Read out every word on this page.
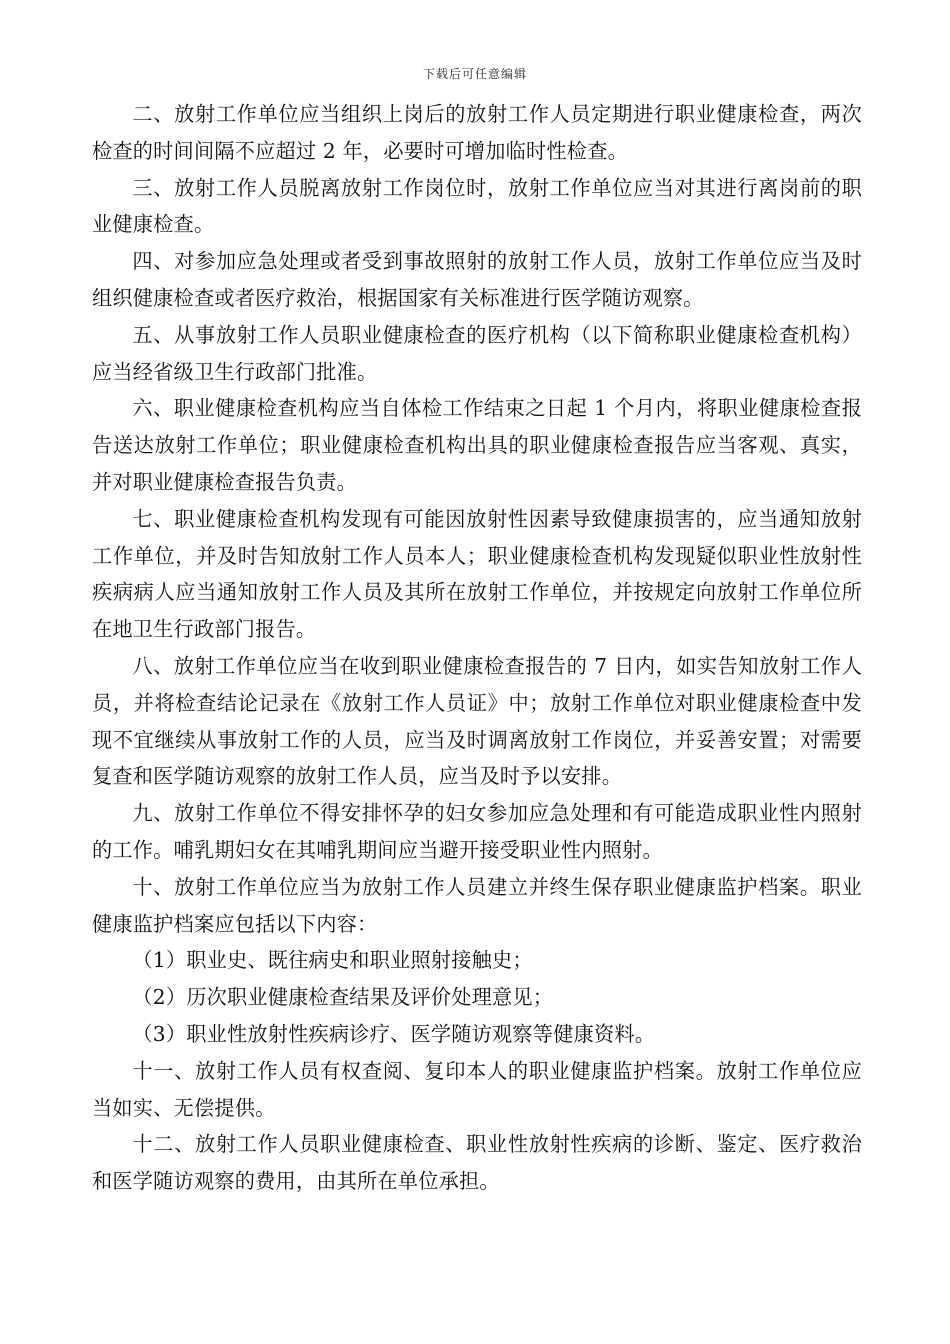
下载后可任意编辑

二、放射工作单位应当组织上岗后的放射工作人员定期进行职业健康检查，两次检查的时间间隔不应超过 2 年，必要时可增加临时性检查。

三、放射工作人员脱离放射工作岗位时，放射工作单位应当对其进行离岗前的职业健康检查。

四、对参加应急处理或者受到事故照射的放射工作人员，放射工作单位应当及时组织健康检查或者医疗救治，根据国家有关标准进行医学随访观察。

五、从事放射工作人员职业健康检查的医疗机构（以下简称职业健康检查机构）应当经省级卫生行政部门批准。

六、职业健康检查机构应当自体检工作结束之日起 1 个月内，将职业健康检查报告送达放射工作单位；职业健康检查机构出具的职业健康检查报告应当客观、真实，并对职业健康检查报告负责。

七、职业健康检查机构发现有可能因放射性因素导致健康损害的，应当通知放射工作单位，并及时告知放射工作人员本人；职业健康检查机构发现疑似职业性放射性疾病病人应当通知放射工作人员及其所在放射工作单位，并按规定向放射工作单位所在地卫生行政部门报告。

八、放射工作单位应当在收到职业健康检查报告的 7 日内，如实告知放射工作人员，并将检查结论记录在《放射工作人员证》中；放射工作单位对职业健康检查中发现不宜继续从事放射工作的人员，应当及时调离放射工作岗位，并妥善安置；对需要复查和医学随访观察的放射工作人员，应当及时予以安排。

九、放射工作单位不得安排怀孕的妇女参加应急处理和有可能造成职业性内照射的工作。哺乳期妇女在其哺乳期间应当避开接受职业性内照射。

十、放射工作单位应当为放射工作人员建立并终生保存职业健康监护档案。职业健康监护档案应包括以下内容：

（1）职业史、既往病史和职业照射接触史；

（2）历次职业健康检查结果及评价处理意见；

（3）职业性放射性疾病诊疗、医学随访观察等健康资料。

十一、放射工作人员有权查阅、复印本人的职业健康监护档案。放射工作单位应当如实、无偿提供。

十二、放射工作人员职业健康检查、职业性放射性疾病的诊断、鉴定、医疗救治和医学随访观察的费用，由其所在单位承担。
